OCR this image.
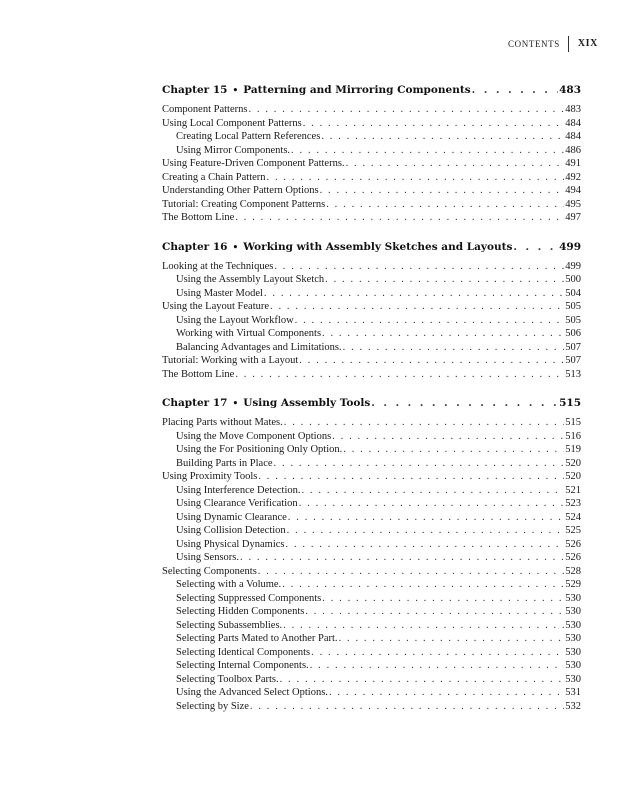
CONTENTS	XIX
Chapter 15 • Patterning and Mirroring Components . . .	483
Component Patterns . . .	483
Using Local Component Patterns . . .	484
Creating Local Pattern References . . .	484
Using Mirror Components. . . .	486
Using Feature-Driven Component Patterns. . . .	491
Creating a Chain Pattern . . .	492
Understanding Other Pattern Options . . .	494
Tutorial: Creating Component Patterns . . .	495
The Bottom Line . . .	497
Chapter 16 • Working with Assembly Sketches and Layouts . . .	499
Looking at the Techniques . . .	499
Using the Assembly Layout Sketch . . .	500
Using Master Model . . .	504
Using the Layout Feature . . .	505
Using the Layout Workflow . . .	505
Working with Virtual Components . . .	506
Balancing Advantages and Limitations. . . .	507
Tutorial: Working with a Layout . . .	507
The Bottom Line . . .	513
Chapter 17 • Using Assembly Tools . . .	515
Placing Parts without Mates. . . .	515
Using the Move Component Options . . .	516
Using the For Positioning Only Option. . . .	519
Building Parts in Place . . .	520
Using Proximity Tools . . .	520
Using Interference Detection. . . .	521
Using Clearance Verification . . .	523
Using Dynamic Clearance . . .	524
Using Collision Detection . . .	525
Using Physical Dynamics . . .	526
Using Sensors. . . .	526
Selecting Components . . .	528
Selecting with a Volume. . . .	529
Selecting Suppressed Components . . .	530
Selecting Hidden Components . . .	530
Selecting Subassemblies. . . .	530
Selecting Parts Mated to Another Part. . . .	530
Selecting Identical Components . . .	530
Selecting Internal Components. . . .	530
Selecting Toolbox Parts. . . .	530
Using the Advanced Select Options. . . .	531
Selecting by Size . . .	532
